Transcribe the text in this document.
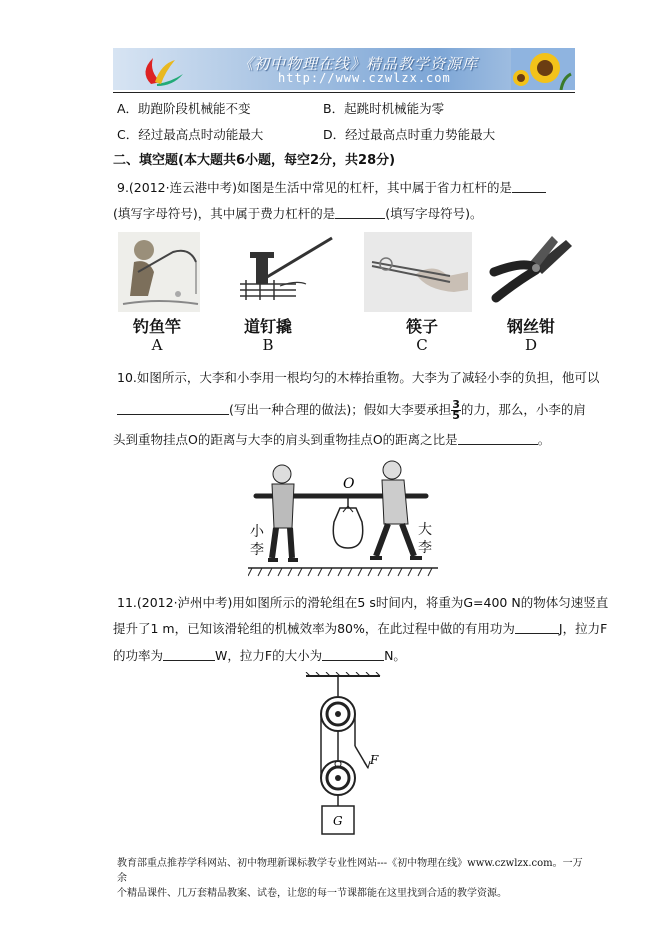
《初中物理在线》精品教学资源库
http://www.czwlzx.com
A．助跑阶段机械能不变	B．起跳时机械能为零
C．经过最高点时动能最大	D．经过最高点时重力势能最大
二、填空题(本大题共6小题，每空2分，共28分)
9.(2012·连云港中考)如图是生活中常见的杠杆，其中属于省力杠杆的是
(填写字母符号)，其中属于费力杠杆的是	(填写字母符号)。
钓鱼竿	道钉撬	筷子	钢丝钳
A	B	C	D
10.如图所示，大李和小李用一根均匀的木棒抬重物。大李为了减轻小李的负担，他可以
(写出一种合理的做法)；假如大李要承担 $\frac{3}{5}$ 的力，那么，小李的肩
头到重物挂点O的距离与大李的肩头到重物挂点O的距离之比是	。
O
小李
大李
11.(2012·泸州中考)用如图所示的滑轮组在5 s时间内，将重为G=400 N的物体匀速竖直
提升了1 m，已知该滑轮组的机械效率为80%，在此过程中做的有用功为	J，拉力F
的功率为	W，拉力F的大小为	N。
F
G
教育部重点推荐学科网站、初中物理新课标教学专业性网站---《初中物理在线》www.czwlzx.com。一万余
个精品课件、几万套精品教案、试卷，让您的每一节课都能在这里找到合适的教学资源。
